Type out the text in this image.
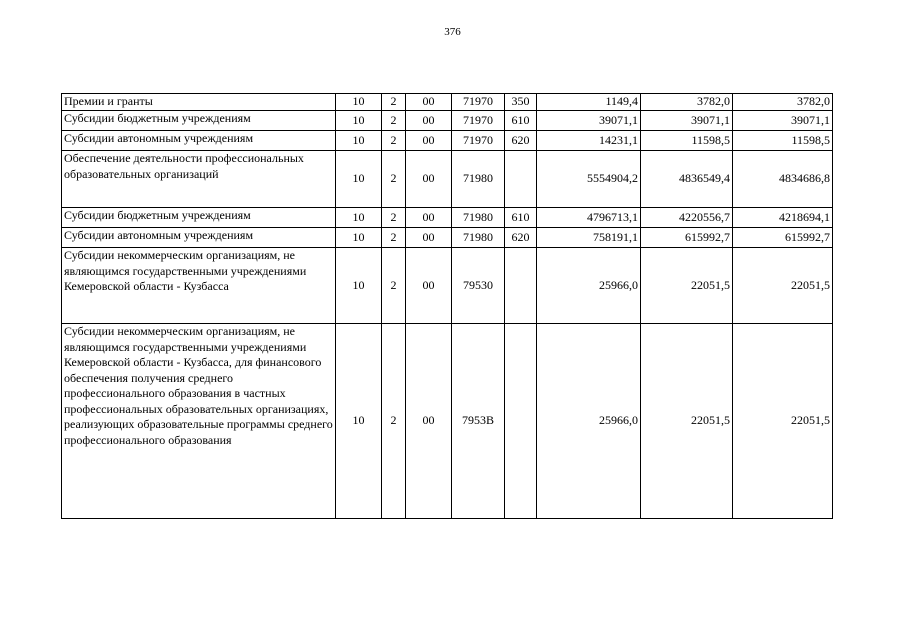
376
Премии и гранты	10	2	00	71970	350	1149,4	3782,0	3782,0
Субсидии бюджетным учреждениям	10	2	00	71970	610	39071,1	39071,1	39071,1
Субсидии автономным учреждениям	10	2	00	71970	620	14231,1	11598,5	11598,5
Обеспечение деятельности профессиональных образовательных организаций	10	2	00	71980		5554904,2	4836549,4	4834686,8
Субсидии бюджетным учреждениям	10	2	00	71980	610	4796713,1	4220556,7	4218694,1
Субсидии автономным учреждениям	10	2	00	71980	620	758191,1	615992,7	615992,7
Субсидии некоммерческим организациям, не являющимся государственными учреждениями Кемеровской области - Кузбасса	10	2	00	79530		25966,0	22051,5	22051,5
Субсидии некоммерческим организациям, не являющимся государственными учреждениями Кемеровской области - Кузбасса, для финансового обеспечения получения среднего профессионального образования в частных профессиональных образовательных организациях, реализующих образовательные программы среднего профессионального образования	10	2	00	7953В		25966,0	22051,5	22051,5
